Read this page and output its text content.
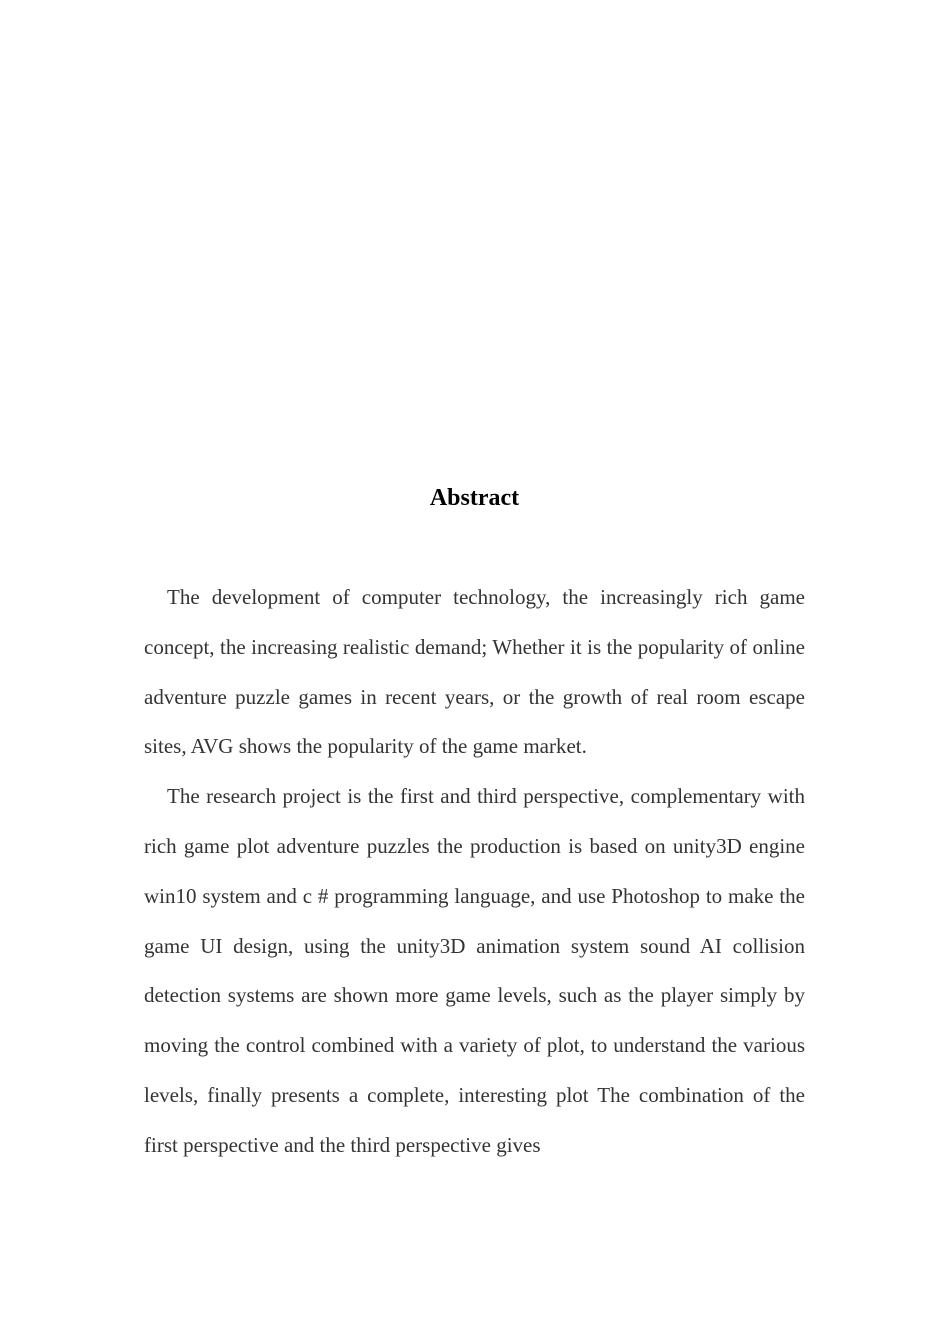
Abstract

The development of computer technology, the increasingly rich game concept, the increasing realistic demand; Whether it is the popularity of online adventure puzzle games in recent years, or the growth of real room escape sites, AVG shows the popularity of the game market.

The research project is the first and third perspective, complementary with rich game plot adventure puzzles the production is based on unity3D engine win10 system and c # programming language, and use Photoshop to make the game UI design, using the unity3D animation system sound AI collision detection systems are shown more game levels, such as the player simply by moving the control combined with a variety of plot, to understand the various levels, finally presents a complete, interesting plot The combination of the first perspective and the third perspective gives
